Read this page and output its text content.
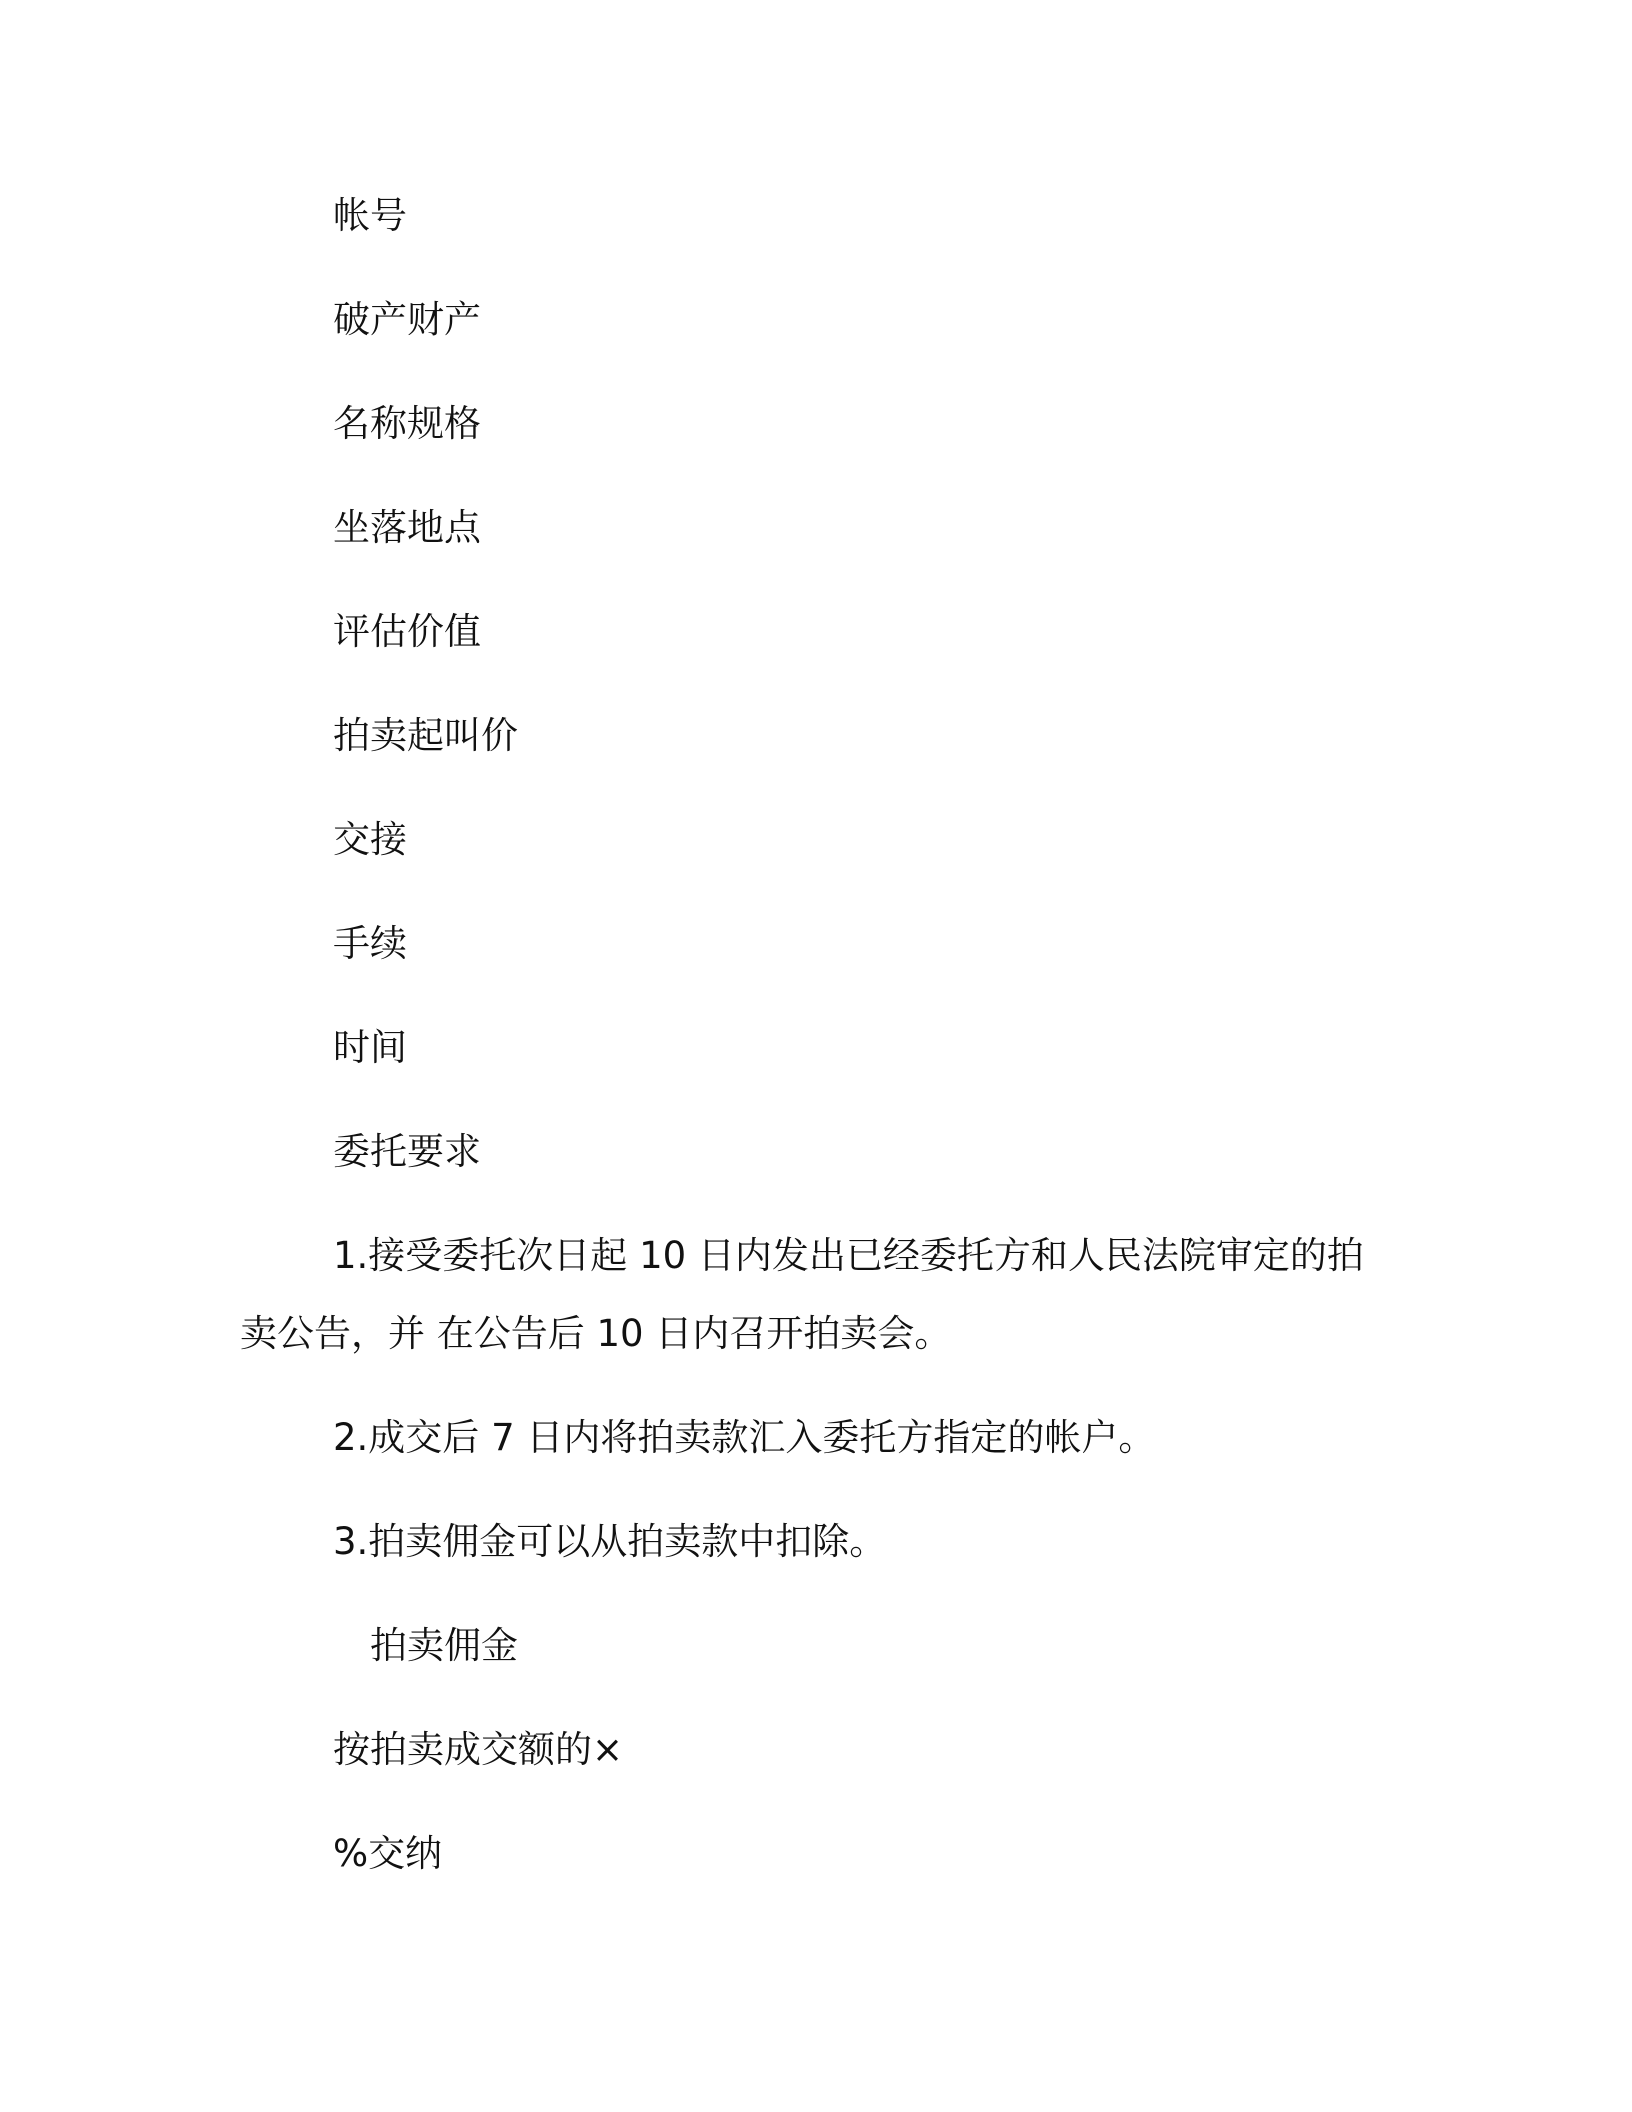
帐号

破产财产

名称规格

坐落地点

评估价值

拍卖起叫价

交接

手续

时间

委托要求

1.接受委托次日起 10 日内发出已经委托方和人民法院审定的拍

卖公告，并 在公告后 10 日内召开拍卖会。

2.成交后 7 日内将拍卖款汇入委托方指定的帐户。

3.拍卖佣金可以从拍卖款中扣除。

拍卖佣金

按拍卖成交额的×

%交纳
